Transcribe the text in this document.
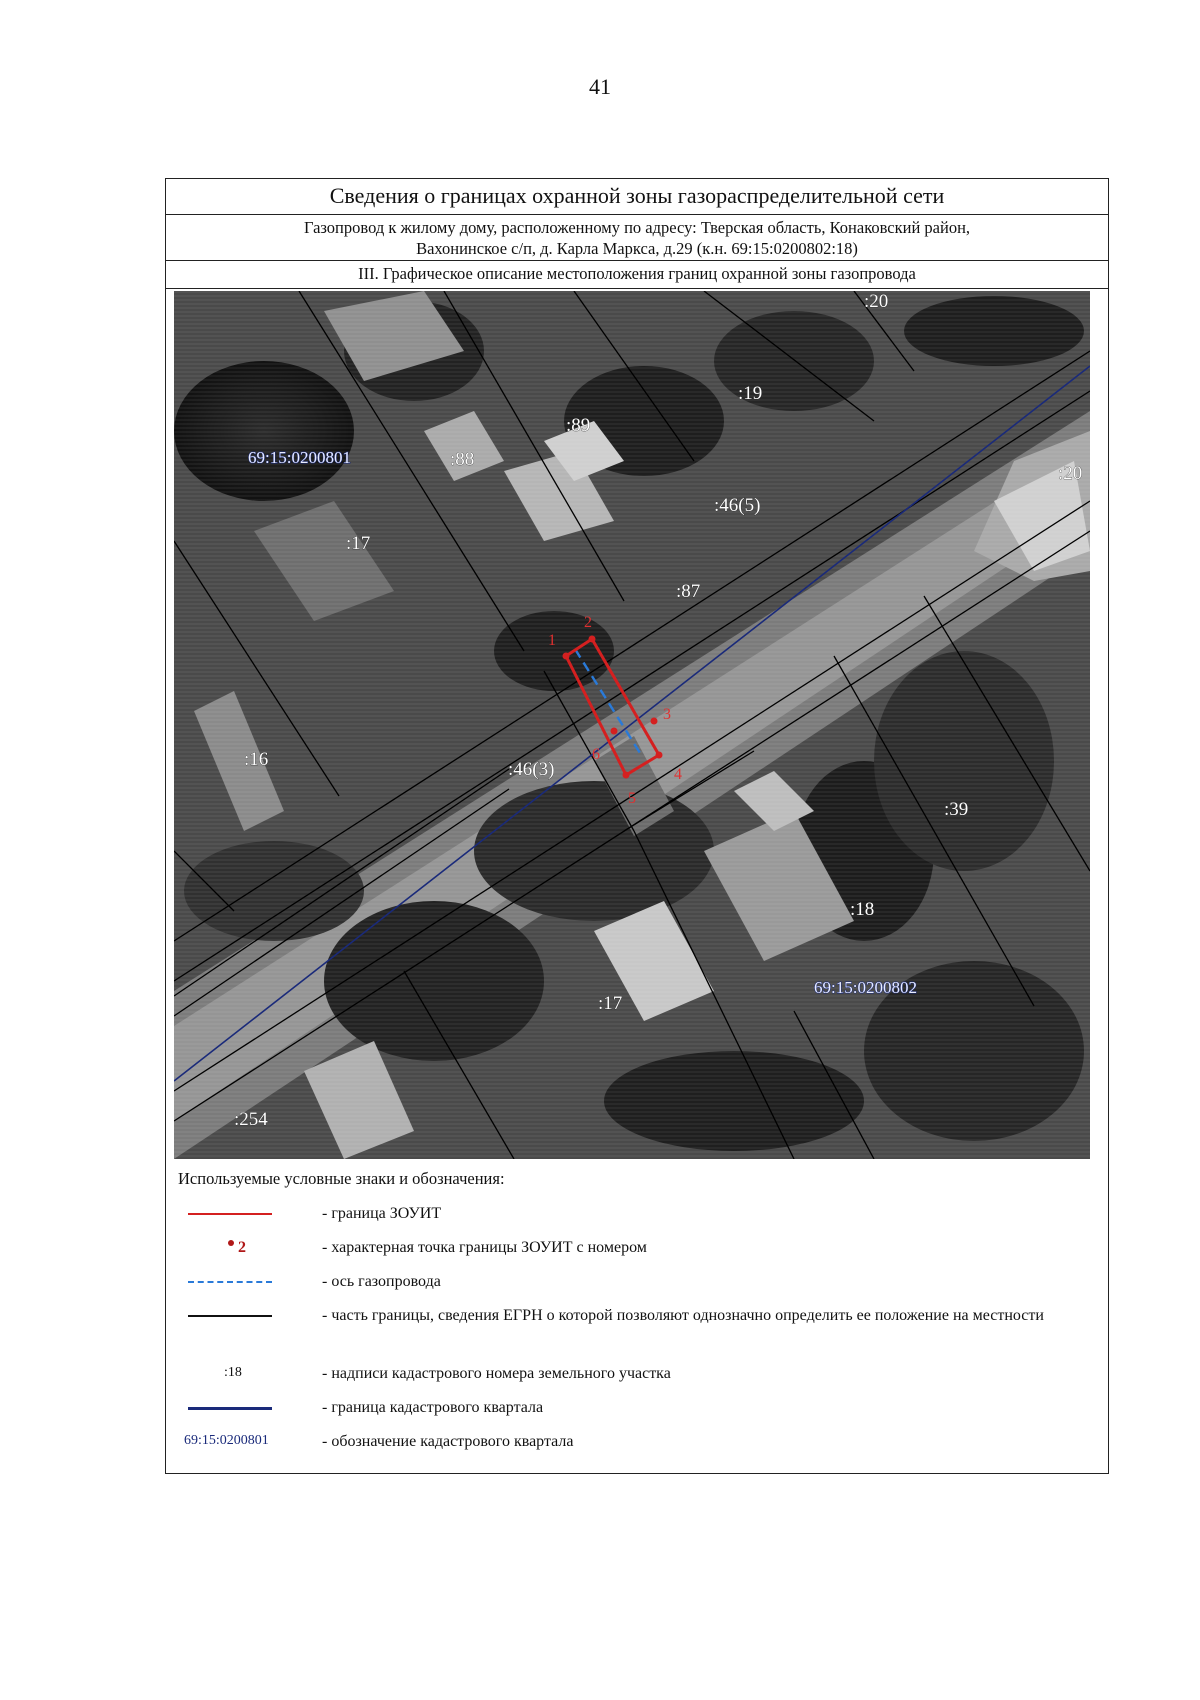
41
Сведения о границах охранной зоны газораспределительной сети
Газопровод к жилому дому, расположенному по адресу: Тверская область, Конаковский район,
Вахонинское с/п, д. Карла Маркса, д.29 (к.н. 69:15:0200802:18)
III. Графическое описание местоположения границ охранной зоны газопровода
1
2
3
4
5
6
:20
:19
:89
:88
:46(5)
:20
:17
:87
:16	:46(3)
:39
:18
:17
:254
69:15:0200801
69:15:0200802
Используемые условные знаки и обозначения:
- граница ЗОУИТ
2	- характерная точка границы ЗОУИТ с номером
- ось газопровода
- часть границы, сведения ЕГРН о которой позволяют однозначно определить ее положение на местности
:18	- надписи кадастрового номера земельного участка
- граница кадастрового квартала
69:15:0200801	- обозначение кадастрового квартала
